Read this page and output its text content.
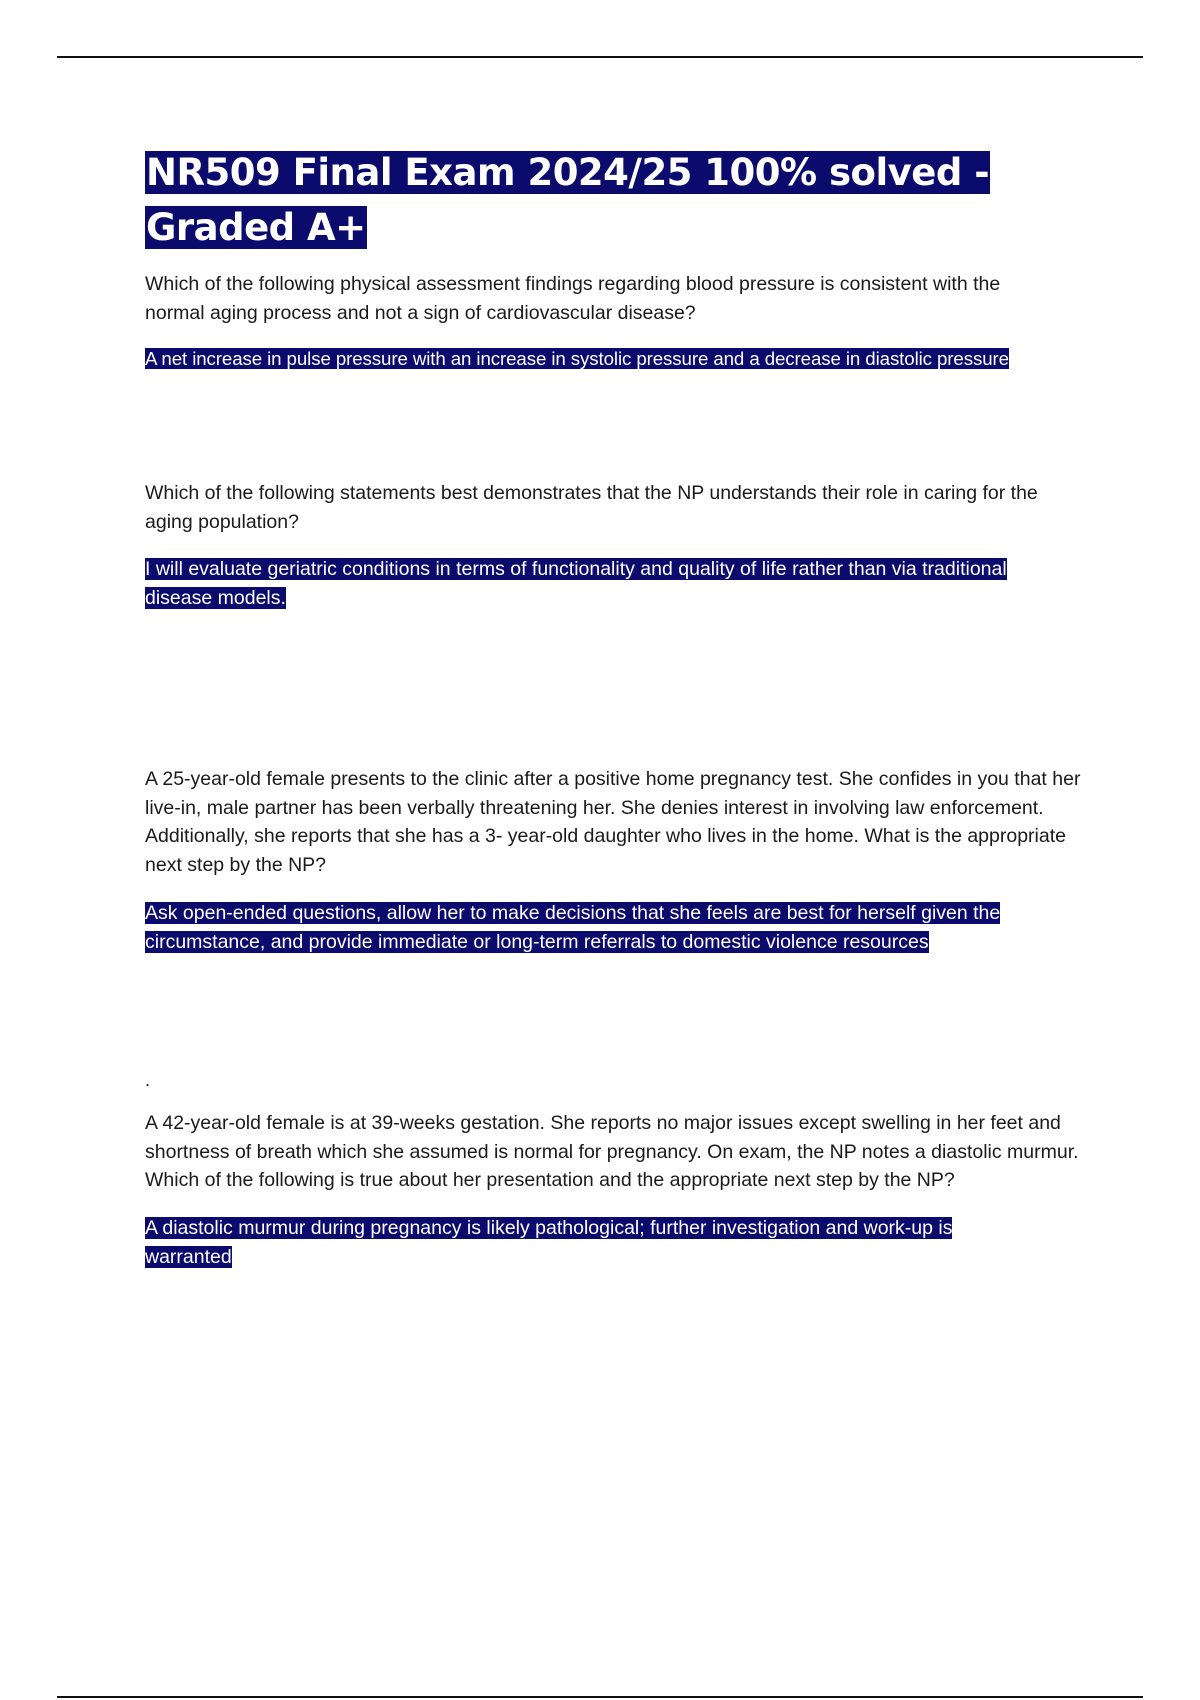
NR509 Final Exam 2024/25 100% solved - Graded A+

Which of the following physical assessment findings regarding blood pressure is consistent with the normal aging process and not a sign of cardiovascular disease?

A net increase in pulse pressure with an increase in systolic pressure and a decrease in diastolic pressure

Which of the following statements best demonstrates that the NP understands their role in caring for the aging population?

I will evaluate geriatric conditions in terms of functionality and quality of life rather than via traditional disease models.

A 25-year-old female presents to the clinic after a positive home pregnancy test. She confides in you that her live-in, male partner has been verbally threatening her. She denies interest in involving law enforcement. Additionally, she reports that she has a 3- year-old daughter who lives in the home. What is the appropriate next step by the NP?

Ask open-ended questions, allow her to make decisions that she feels are best for herself given the circumstance, and provide immediate or long-term referrals to domestic violence resources

.

A 42-year-old female is at 39-weeks gestation. She reports no major issues except swelling in her feet and shortness of breath which she assumed is normal for pregnancy. On exam, the NP notes a diastolic murmur. Which of the following is true about her presentation and the appropriate next step by the NP?

A diastolic murmur during pregnancy is likely pathological; further investigation and work-up is warranted
